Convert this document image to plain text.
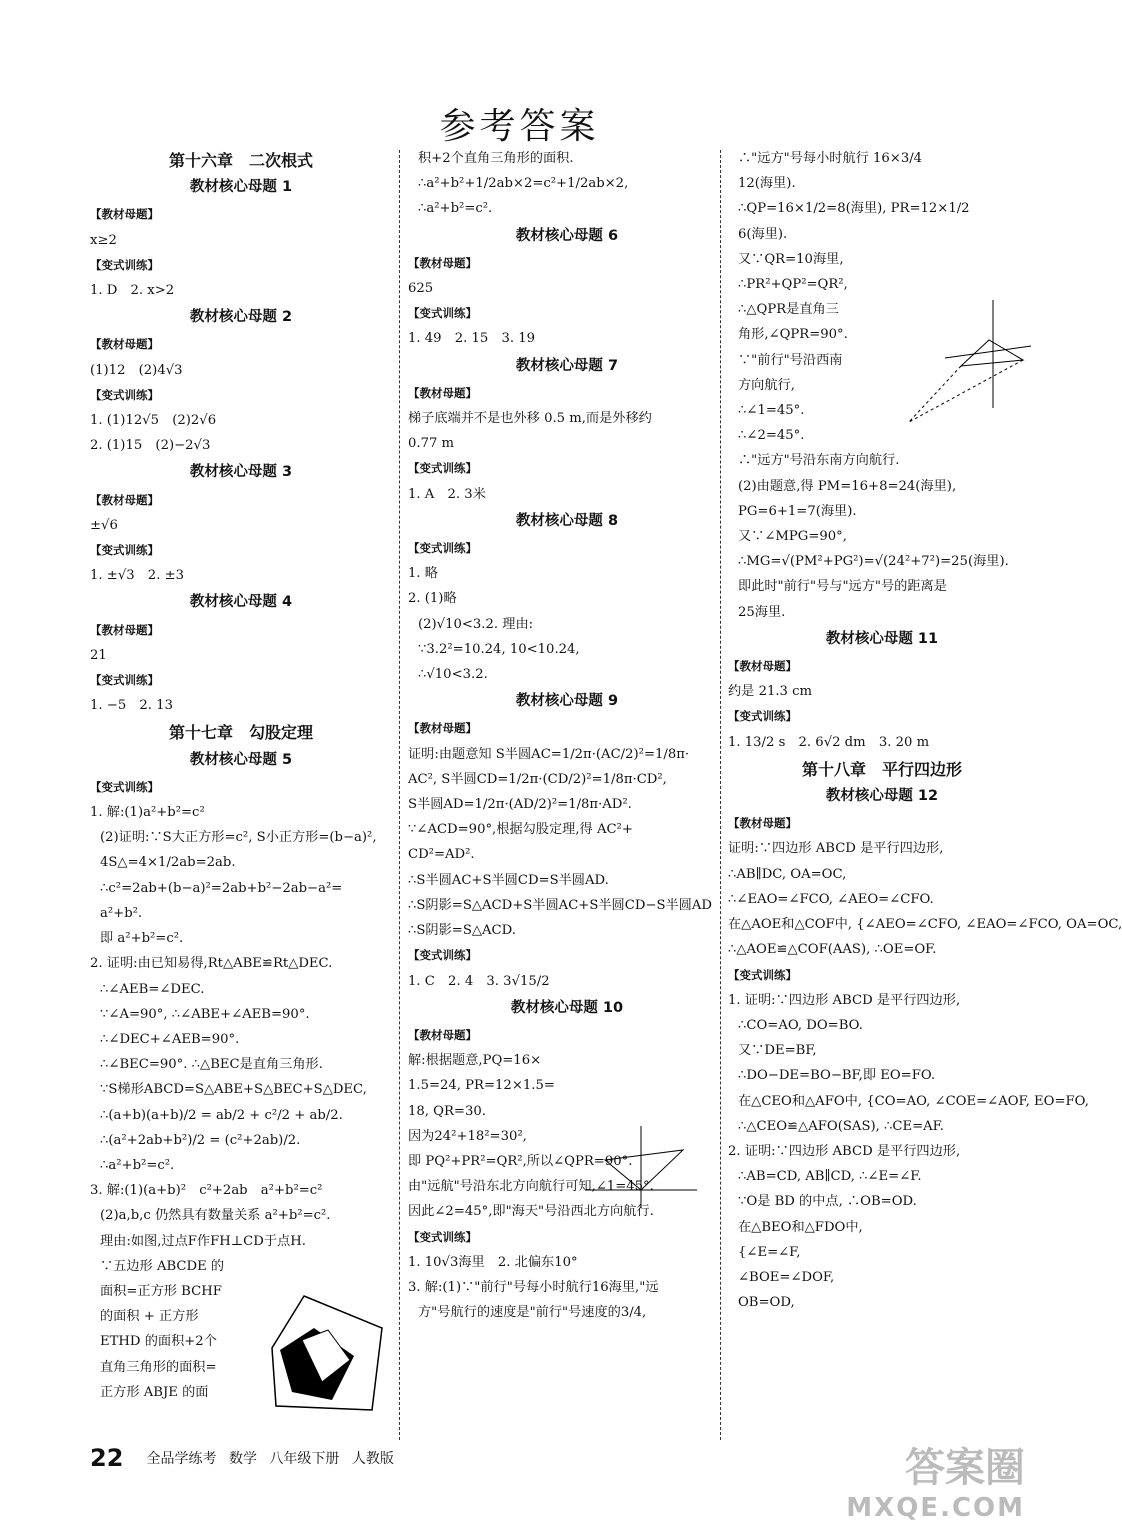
参考答案
第十六章　二次根式
教材核心母题 1
【教材母题】
x≥2
【变式训练】
1. D　2. x>2
教材核心母题 2
【教材母题】
(1)12　(2)4√3
【变式训练】
1. (1)12√5　(2)2√6
2. (1)15　(2)−2√3
教材核心母题 3
【教材母题】
±√6
【变式训练】
1. ±√3　2. ±3
教材核心母题 4
【教材母题】
21
【变式训练】
1. −5　2. 13
第十七章　勾股定理
教材核心母题 5
【变式训练】
1. 解:(1)a²+b²=c²
(2)证明:∵S大正方形=c², S小正方形=(b−a)²,
4S△=4×1/2ab=2ab.
∴c²=2ab+(b−a)²=2ab+b²−2ab−a²=
a²+b².
即 a²+b²=c².
2. 证明:由已知易得,Rt△ABE≌Rt△DEC.
∴∠AEB=∠DEC.
∵∠A=90°, ∴∠ABE+∠AEB=90°.
∴∠DEC+∠AEB=90°.
∴∠BEC=90°. ∴△BEC是直角三角形.
∵S梯形ABCD=S△ABE+S△BEC+S△DEC,
∴(a+b)(a+b)/2 = ab/2 + c²/2 + ab/2.
∴(a²+2ab+b²)/2 = (c²+2ab)/2.
∴a²+b²=c².
3. 解:(1)(a+b)²　c²+2ab　a²+b²=c²
(2)a,b,c 仍然具有数量关系 a²+b²=c².
理由:如图,过点F作FH⊥CD于点H.
∵五边形 ABCDE 的
面积=正方形 BCHF
的面积 + 正方形
ETHD 的面积+2个
直角三角形的面积=
正方形 ABJE 的面
积+2个直角三角形的面积.
∴a²+b²+1/2ab×2=c²+1/2ab×2,
∴a²+b²=c².
教材核心母题 6
【教材母题】
625
【变式训练】
1. 49　2. 15　3. 19
教材核心母题 7
【教材母题】
梯子底端并不是也外移 0.5 m,而是外移约
0.77 m
【变式训练】
1. A　2. 3米
教材核心母题 8
【变式训练】
1. 略
2. (1)略
(2)√10<3.2. 理由:
∵3.2²=10.24, 10<10.24,
∴√10<3.2.
教材核心母题 9
【教材母题】
证明:由题意知 S半圆AC=1/2π·(AC/2)²=1/8π·
AC², S半圆CD=1/2π·(CD/2)²=1/8π·CD²,
S半圆AD=1/2π·(AD/2)²=1/8π·AD².
∵∠ACD=90°,根据勾股定理,得 AC²+
CD²=AD².
∴S半圆AC+S半圆CD=S半圆AD.
∴S阴影=S△ACD+S半圆AC+S半圆CD−S半圆AD
∴S阴影=S△ACD.
【变式训练】
1. C　2. 4　3. 3√15/2
教材核心母题 10
【教材母题】
解:根据题意,PQ=16×
1.5=24, PR=12×1.5=
18, QR=30.
因为24²+18²=30²,
即 PQ²+PR²=QR²,所以∠QPR=90°.
由"远航"号沿东北方向航行可知,∠1=45°.
因此∠2=45°,即"海天"号沿西北方向航行.
【变式训练】
1. 10√3海里　2. 北偏东10°
3. 解:(1)∵"前行"号每小时航行16海里,"远
方"号航行的速度是"前行"号速度的3/4,
∴"远方"号每小时航行 16×3/4
12(海里).
∴QP=16×1/2=8(海里), PR=12×1/2
6(海里).
又∵QR=10海里,
∴PR²+QP²=QR²,
∴△QPR是直角三
角形,∠QPR=90°.
∵"前行"号沿西南
方向航行,
∴∠1=45°.
∴∠2=45°.
∴"远方"号沿东南方向航行.
(2)由题意,得 PM=16+8=24(海里),
PG=6+1=7(海里).
又∵∠MPG=90°,
∴MG=√(PM²+PG²)=√(24²+7²)=25(海里).
即此时"前行"号与"远方"号的距离是
25海里.
教材核心母题 11
【教材母题】
约是 21.3 cm
【变式训练】
1. 13/2 s　2. 6√2 dm　3. 20 m
第十八章　平行四边形
教材核心母题 12
【教材母题】
证明:∵四边形 ABCD 是平行四边形,
∴AB∥DC, OA=OC,
∴∠EAO=∠FCO, ∠AEO=∠CFO.
在△AOE和△COF中, {∠AEO=∠CFO, ∠EAO=∠FCO, OA=OC,
∴△AOE≌△COF(AAS), ∴OE=OF.
【变式训练】
1. 证明:∵四边形 ABCD 是平行四边形,
∴CO=AO, DO=BO.
又∵DE=BF,
∴DO−DE=BO−BF,即 EO=FO.
在△CEO和△AFO中, {CO=AO, ∠COE=∠AOF, EO=FO,
∴△CEO≌△AFO(SAS), ∴CE=AF.
2. 证明:∵四边形 ABCD 是平行四边形,
∴AB=CD, AB∥CD, ∴∠E=∠F.
∵O是 BD 的中点, ∴OB=OD.
在△BEO和△FDO中,
{∠E=∠F,
∠BOE=∠DOF,
OB=OD,
22 全品学练考 数学 八年级下册 人教版	答案圈
MXQE.COM
